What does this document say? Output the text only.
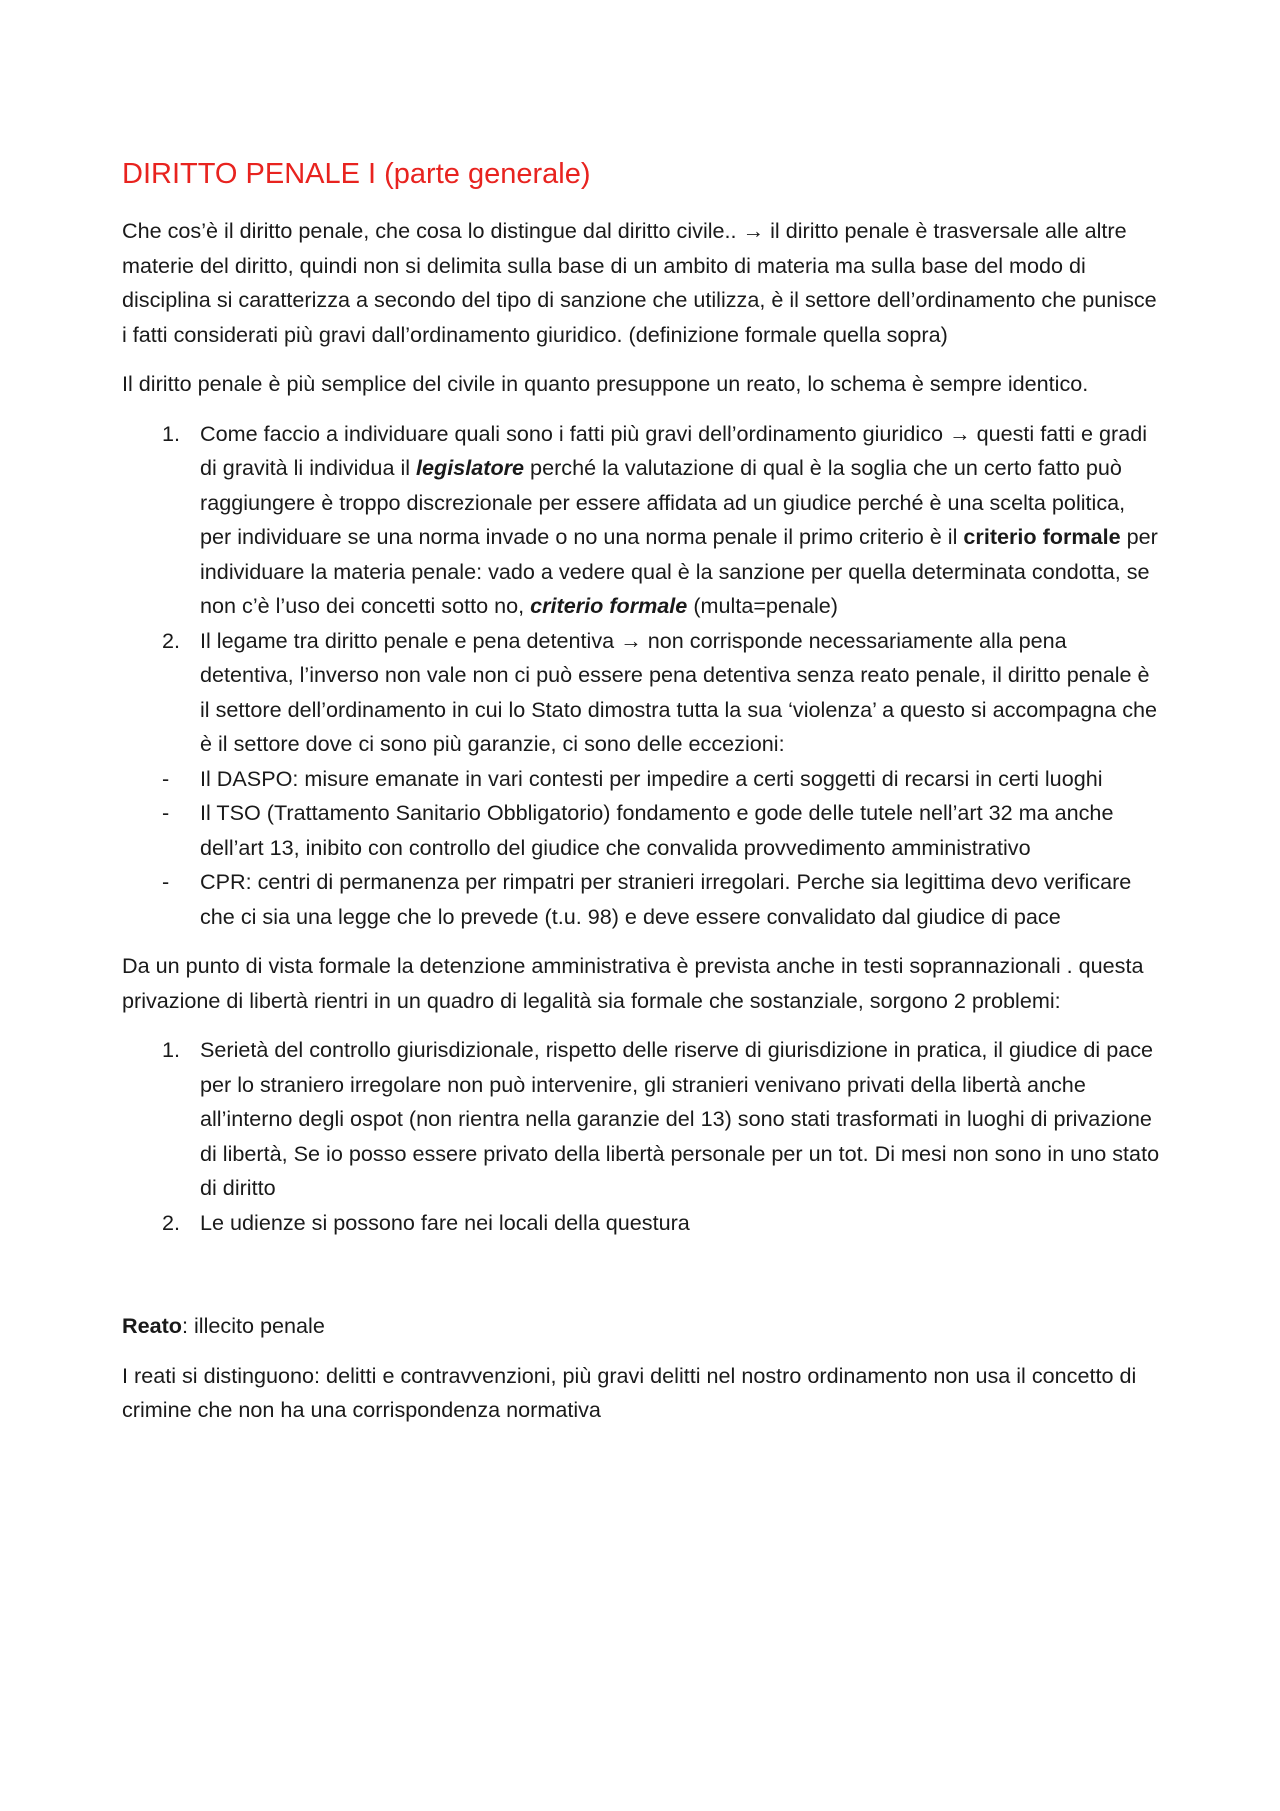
DIRITTO PENALE I (parte generale)

Che cos’è il diritto penale, che cosa lo distingue dal diritto civile.. → il diritto penale è trasversale alle altre materie del diritto, quindi non si delimita sulla base di un ambito di materia ma sulla base del modo di disciplina si caratterizza a secondo del tipo di sanzione che utilizza, è il settore dell’ordinamento che punisce i fatti considerati più gravi dall’ordinamento giuridico. (definizione formale quella sopra)

Il diritto penale è più semplice del civile in quanto presuppone un reato, lo schema è sempre identico.

1. Come faccio a individuare quali sono i fatti più gravi dell’ordinamento giuridico → questi fatti e gradi di gravità li individua il legislatore perché la valutazione di qual è la soglia che un certo fatto può raggiungere è troppo discrezionale per essere affidata ad un giudice perché è una scelta politica, per individuare se una norma invade o no una norma penale il primo criterio è il criterio formale per individuare la materia penale: vado a vedere qual è la sanzione per quella determinata condotta, se non c’è l’uso dei concetti sotto no, criterio formale (multa=penale)
2. Il legame tra diritto penale e pena detentiva → non corrisponde necessariamente alla pena detentiva, l’inverso non vale non ci può essere pena detentiva senza reato penale, il diritto penale è il settore dell’ordinamento in cui lo Stato dimostra tutta la sua ‘violenza’ a questo si accompagna che è il settore dove ci sono più garanzie, ci sono delle eccezioni:
-	Il DASPO: misure emanate in vari contesti per impedire a certi soggetti di recarsi in certi luoghi
-	Il TSO (Trattamento Sanitario Obbligatorio) fondamento e gode delle tutele nell’art 32 ma anche dell’art 13, inibito con controllo del giudice che convalida provvedimento amministrativo
-	CPR: centri di permanenza per rimpatri per stranieri irregolari. Perche sia legittima devo verificare che ci sia una legge che lo prevede (t.u. 98) e deve essere convalidato dal giudice di pace

Da un punto di vista formale la detenzione amministrativa è prevista anche in testi soprannazionali . questa privazione di libertà rientri in un quadro di legalità sia formale che sostanziale, sorgono 2 problemi:

1. Serietà del controllo giurisdizionale, rispetto delle riserve di giurisdizione in pratica, il giudice di pace per lo straniero irregolare non può intervenire, gli stranieri venivano privati della libertà anche all’interno degli ospot (non rientra nella garanzie del 13) sono stati trasformati in luoghi di privazione di libertà, Se io posso essere privato della libertà personale per un tot. Di mesi non sono in uno stato di diritto
2. Le udienze si possono fare nei locali della questura

Reato: illecito penale

I reati si distinguono: delitti e contravvenzioni, più gravi delitti nel nostro ordinamento non usa il concetto di crimine che non ha una corrispondenza normativa
